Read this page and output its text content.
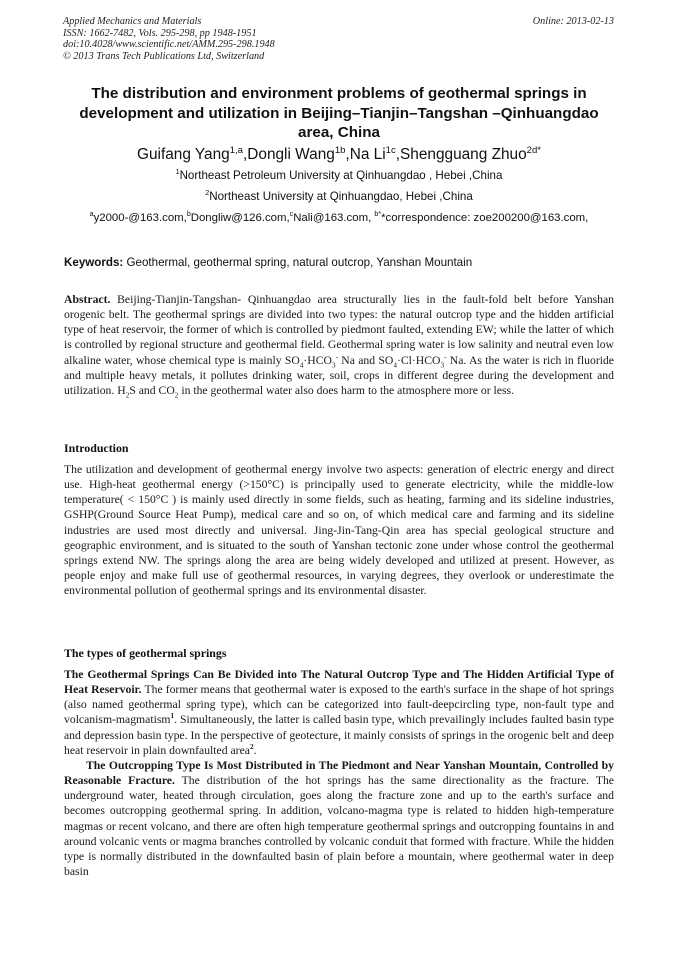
Applied Mechanics and Materials
ISSN: 1662-7482, Vols. 295-298, pp 1948-1951
doi:10.4028/www.scientific.net/AMM.295-298.1948
© 2013 Trans Tech Publications Ltd, Switzerland
Online: 2013-02-13
The distribution and environment problems of geothermal springs in development and utilization in Beijing–Tianjin–Tangshan –Qinhuangdao area, China
Guifang Yang$^{1,a}$,Dongli Wang$^{1b}$,Na $Li^{1c},Shengguang$ Zhuo$^{2d*}$
$^1$Northeast Petroleum University at Qinhuangdao , Hebei ,China
$^2$Northeast University at Qinhuangdao, Hebei ,China
$^a$y2000-@163.com,$^b$Dongliw@126.com,$^c$Nali@163.com, $^{b*}$*correspondence: zoe200200@163.com,
Keywords: Geothermal, geothermal spring, natural outcrop, Yanshan Mountain
Abstract. Beijing-Tianjin-Tangshan- Qinhuangdao area structurally lies in the fault-fold belt before Yanshan orogenic belt. The geothermal springs are divided into two types: the natural outcrop type and the hidden artificial type of heat reservoir, the former of which is controlled by piedmont faulted, extending EW; while the latter of which is controlled by regional structure and geothermal field. Geothermal spring water is low salinity and neutral even low alkaline water, whose chemical type is mainly $SO_4\cdot HCO_3^-$ Na and $SO_4\cdot Cl\cdot HCO_3^-$ Na. As the water is rich in fluoride and multiple heavy metals, it pollutes drinking water, soil, crops in different degree during the development and utilization. $H_2S$ and $CO_2$ in the geothermal water also does harm to the atmosphere more or less.
Introduction
The utilization and development of geothermal energy involve two aspects: generation of electric energy and direct use. High-heat geothermal energy (>150°C) is principally used to generate electricity, while the middle-low temperature( < 150°C ) is mainly used directly in some fields, such as heating, farming and its sideline industries, GSHP(Ground Source Heat Pump), medical care and so on, of which medical care and farming and its sideline industries are used most directly and universal. Jing-Jin-Tang-Qin area has special geological structure and geographic environment, and is situated to the south of Yanshan tectonic zone under whose control the geothermal springs extend NW. The springs along the area are being widely developed and utilized at present. However, as people enjoy and make full use of geothermal resources, in varying degrees, they overlook or underestimate the environmental pollution of geothermal springs and its environmental disaster.
The types of geothermal springs

The Geothermal Springs Can Be Divided into The Natural Outcrop Type and The Hidden Artificial Type of Heat Reservoir. The former means that geothermal water is exposed to the earth's surface in the shape of hot springs (also named geothermal spring type), which can be categorized into fault-deepcircling type, non-fault type and volcanism-magmatism$^1$. Simultaneously, the latter is called basin type, which prevailingly includes faulted basin type and depression basin type. In the perspective of geotecture, it mainly consists of springs in the orogenic belt and deep heat reservoir in plain downfaulted area$^2$.

The Outcropping Type Is Most Distributed in The Piedmont and Near Yanshan Mountain, Controlled by Reasonable Fracture. The distribution of the hot springs has the same directionality as the fracture. The underground water, heated through circulation, goes along the fracture zone and up to the earth's surface and becomes outcropping geothermal spring. In addition, volcano-magma type is related to hidden high-temperature magmas or recent volcano, and there are often high temperature geothermal springs and outcropping fountains in and around volcanic vents or magma branches controlled by volcanic conduit that formed with fracture. While the hidden type is normally distributed in the downfaulted basin of plain before a mountain, where geothermal water in deep basin
